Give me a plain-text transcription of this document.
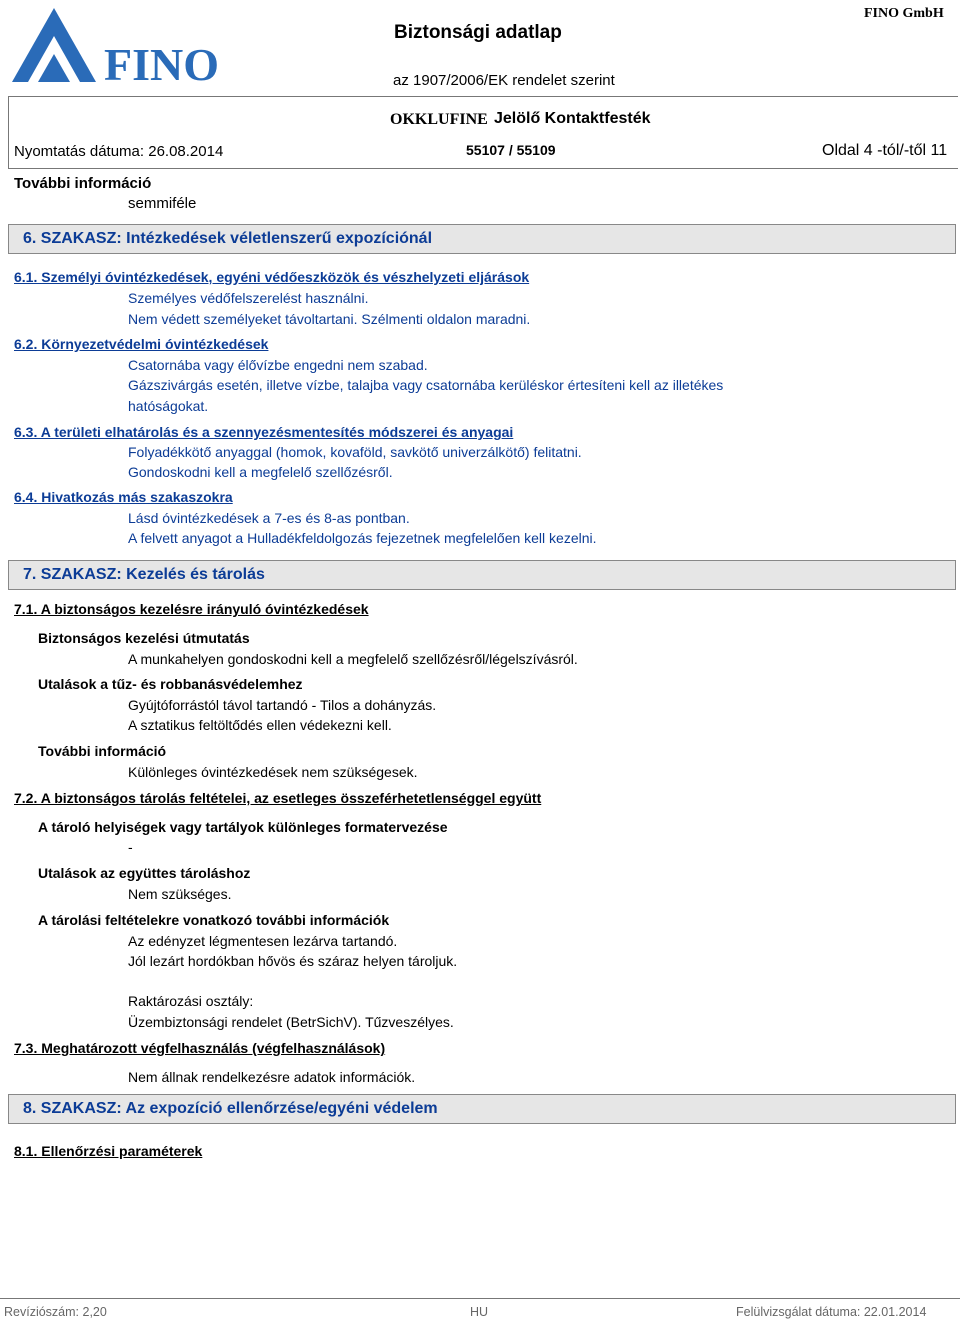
FINO
Biztonsági adatlap
FINO GmbH
az 1907/2006/EK rendelet szerint
OKKLUFINE Jelölő Kontaktfesték
Nyomtatás dátuma: 26.08.2014	55107 / 55109	Oldal 4 -tól/-től 11
További információ
semmiféle
6. SZAKASZ: Intézkedések véletlenszerű expozíciónál
6.1. Személyi óvintézkedések, egyéni védőeszközök és vészhelyzeti eljárások
Személyes védőfelszerelést használni.
Nem védett személyeket távoltartani. Szélmenti oldalon maradni.
6.2. Környezetvédelmi óvintézkedések
Csatornába vagy élővízbe engedni nem szabad.
Gázszivárgás esetén, illetve vízbe, talajba vagy csatornába kerüléskor értesíteni kell az illetékes
hatóságokat.
6.3. A területi elhatárolás és a szennyezésmentesítés módszerei és anyagai
Folyadékkötő anyaggal (homok, kovaföld, savkötő univerzálkötő) felitatni.
Gondoskodni kell a megfelelő szellőzésről.
6.4. Hivatkozás más szakaszokra
Lásd óvintézkedések a 7-es és 8-as pontban.
A felvett anyagot a Hulladékfeldolgozás fejezetnek megfelelően kell kezelni.
7. SZAKASZ: Kezelés és tárolás
7.1. A biztonságos kezelésre irányuló óvintézkedések
Biztonságos kezelési útmutatás
A munkahelyen gondoskodni kell a megfelelő szellőzésről/légelszívásról.
Utalások a tűz- és robbanásvédelemhez
Gyújtóforrástól távol tartandó - Tilos a dohányzás.
A sztatikus feltöltődés ellen védekezni kell.
További információ
Különleges óvintézkedések nem szükségesek.
7.2. A biztonságos tárolás feltételei, az esetleges összeférhetetlenséggel együtt
A tároló helyiségek vagy tartályok különleges formatervezése
-
Utalások az együttes tároláshoz
Nem szükséges.
A tárolási feltételekre vonatkozó további információk
Az edényzet légmentesen lezárva tartandó.
Jól lezárt hordókban hővös és száraz helyen tároljuk.
Raktározási osztály:
Üzembiztonsági rendelet (BetrSichV). Tűzveszélyes.
7.3. Meghatározott végfelhasználás (végfelhasználások)
Nem állnak rendelkezésre adatok információk.
8. SZAKASZ: Az expozíció ellenőrzése/egyéni védelem
8.1. Ellenőrzési paraméterek
Revíziószám: 2,20	HU	Felülvizsgálat dátuma: 22.01.2014
